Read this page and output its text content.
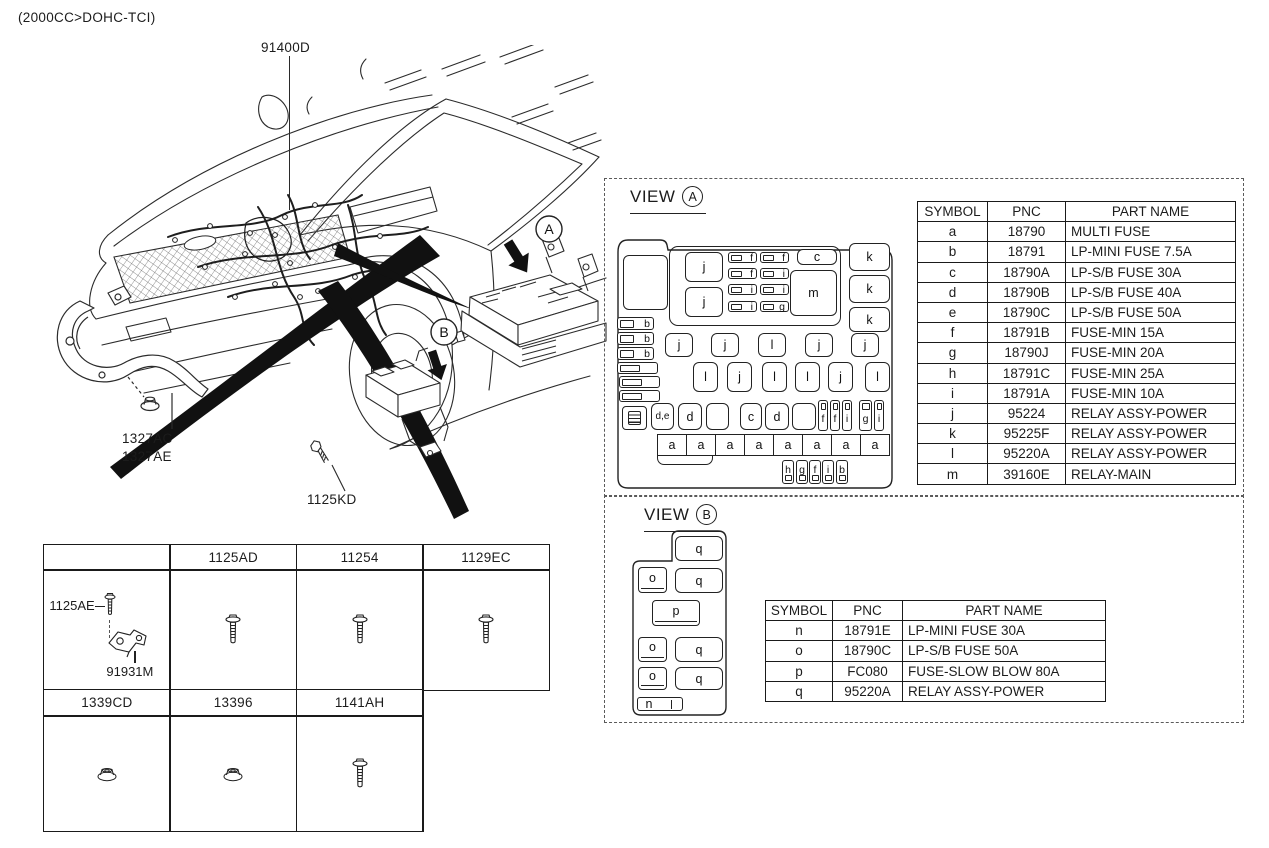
(2000CC>DOHC-TCI)
91400D
A
B
1327AC
1327AE
1125KD
VIEW	A
b
b
b
j
j
f	f
f	i
i	i
i g
c
m
k
k
k
j	j	l	j	j
l j	l l j	l
d,e d	c d	f f i g i
a a a a a a a a
h g f i b
SYMBOL	PNC	PART NAME
a	18790	MULTI FUSE
b	18791	LP-MINI FUSE 7.5A
c	18790A	LP-S/B FUSE 30A
d	18790B	LP-S/B FUSE 40A
e	18790C	LP-S/B FUSE 50A
f	18791B	FUSE-MIN 15A
g	18790J	FUSE-MIN 20A
h	18791C	FUSE-MIN 25A
i	18791A	FUSE-MIN 10A
j	95224	RELAY ASSY-POWER
k	95225F	RELAY ASSY-POWER
l	95220A	RELAY ASSY-POWER
m	39160E	RELAY-MAIN
VIEW	B
q
o	q
p
o	q
o	q
n
SYMBOL	PNC	PART NAME
n	18791E	LP-MINI FUSE 30A
o	18790C	LP-S/B FUSE 50A
p	FC080	FUSE-SLOW BLOW 80A
q	95220A	RELAY ASSY-POWER
1125AD	11254	1129EC
1125AE
91931M
1339CD	13396	1141AH
